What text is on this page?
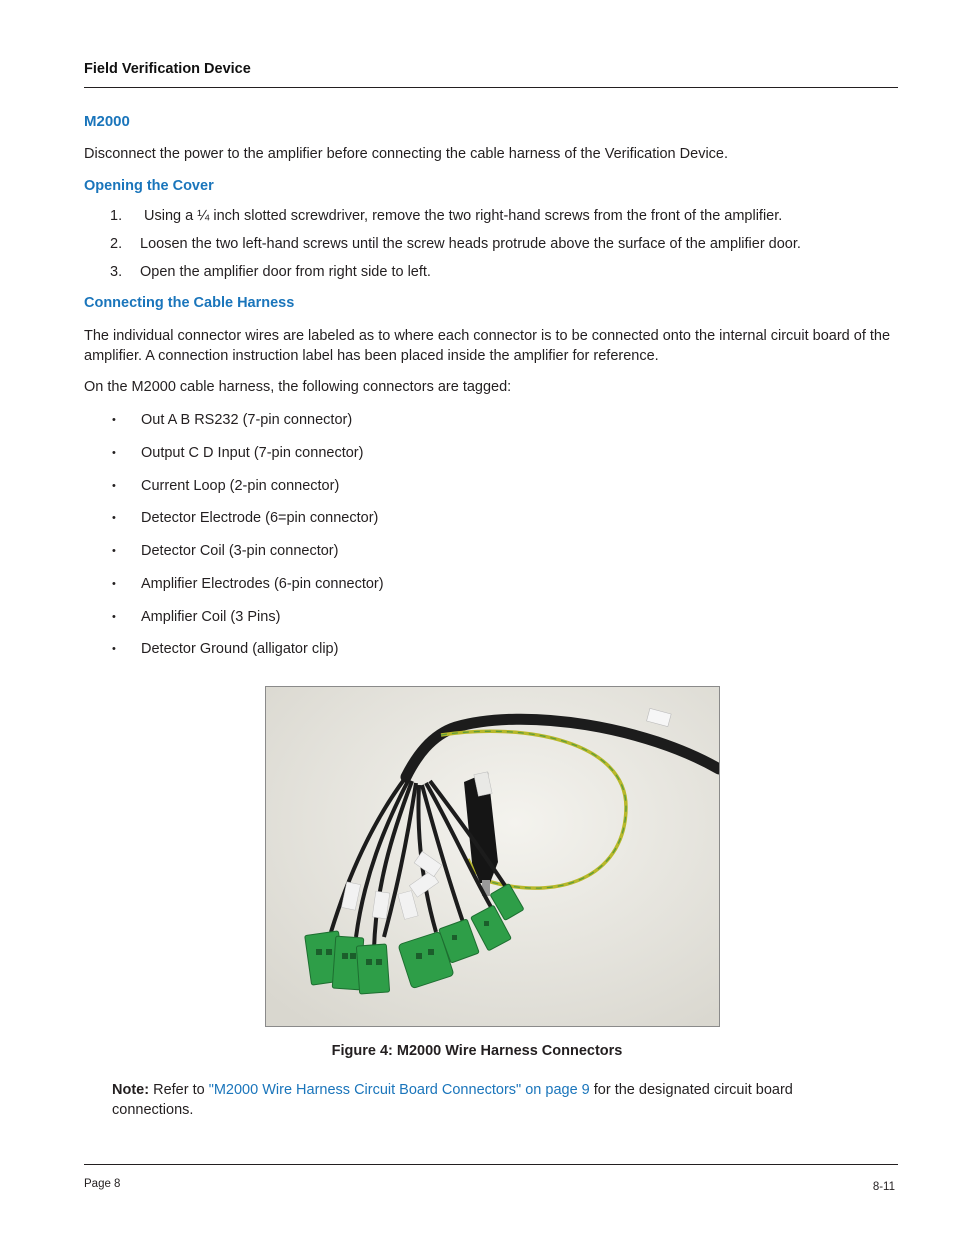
Field Verification Device
M2000
Disconnect the power to the amplifier before connecting the cable harness of the Verification Device.
Opening the Cover
1. Using a ¼ inch slotted screwdriver, remove the two right-hand screws from the front of the amplifier.
2. Loosen the two left-hand screws until the screw heads protrude above the surface of the amplifier door.
3. Open the amplifier door from right side to left.
Connecting the Cable Harness
The individual connector wires are labeled as to where each connector is to be connected onto the internal circuit board of the amplifier. A connection instruction label has been placed inside the amplifier for reference.
On the M2000 cable harness, the following connectors are tagged:
• Out A B RS232 (7-pin connector)
• Output C D Input (7-pin connector)
• Current Loop (2-pin connector)
• Detector Electrode (6=pin connector)
• Detector Coil (3-pin connector)
• Amplifier Electrodes (6-pin connector)
• Amplifier Coil (3 Pins)
• Detector Ground (alligator clip)
Figure 4: M2000 Wire Harness Connectors
Note: Refer to "M2000 Wire Harness Circuit Board Connectors" on page 9 for the designated circuit board connections.
Page 8	8-11
